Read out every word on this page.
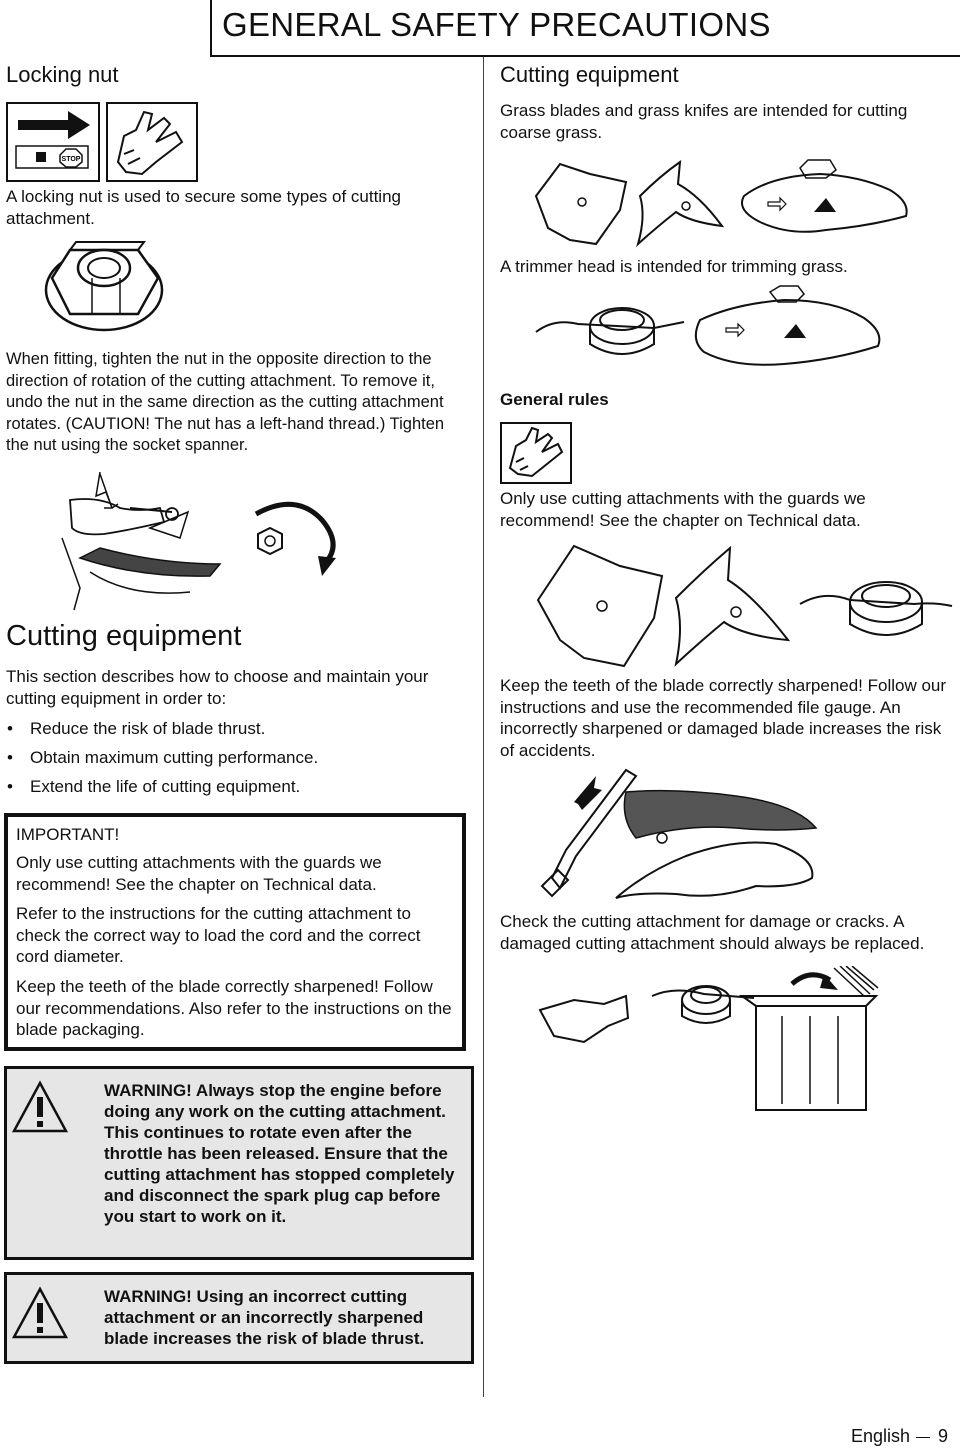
GENERAL SAFETY PRECAUTIONS
Locking nut
STOP
A locking nut is used to secure some types of cutting attachment.
When fitting, tighten the nut in the opposite direction to the direction of rotation of the cutting attachment. To remove it, undo the nut in the same direction as the cutting attachment rotates. (CAUTION! The nut has a left-hand thread.) Tighten the nut using the socket spanner.
Cutting equipment
This section describes how to choose and maintain your cutting equipment in order to:
• Reduce the risk of blade thrust.
• Obtain maximum cutting performance.
• Extend the life of cutting equipment.
IMPORTANT!
Only use cutting attachments with the guards we recommend! See the chapter on Technical data.
Refer to the instructions for the cutting attachment to check the correct way to load the cord and the correct cord diameter.
Keep the teeth of the blade correctly sharpened! Follow our recommendations. Also refer to the instructions on the blade packaging.
WARNING! Always stop the engine before doing any work on the cutting attachment. This continues to rotate even after the throttle has been released. Ensure that the cutting attachment has stopped completely and disconnect the spark plug cap before you start to work on it.
WARNING! Using an incorrect cutting attachment or an incorrectly sharpened blade increases the risk of blade thrust.
Cutting equipment
Grass blades and grass knifes are intended for cutting coarse grass.
A trimmer head is intended for trimming grass.
General rules
Only use cutting attachments with the guards we recommend! See the chapter on Technical data.
Keep the teeth of the blade correctly sharpened! Follow our instructions and use the recommended file gauge. An incorrectly sharpened or damaged blade increases the risk of accidents.
Check the cutting attachment for damage or cracks. A damaged cutting attachment should always be replaced.
English 9
